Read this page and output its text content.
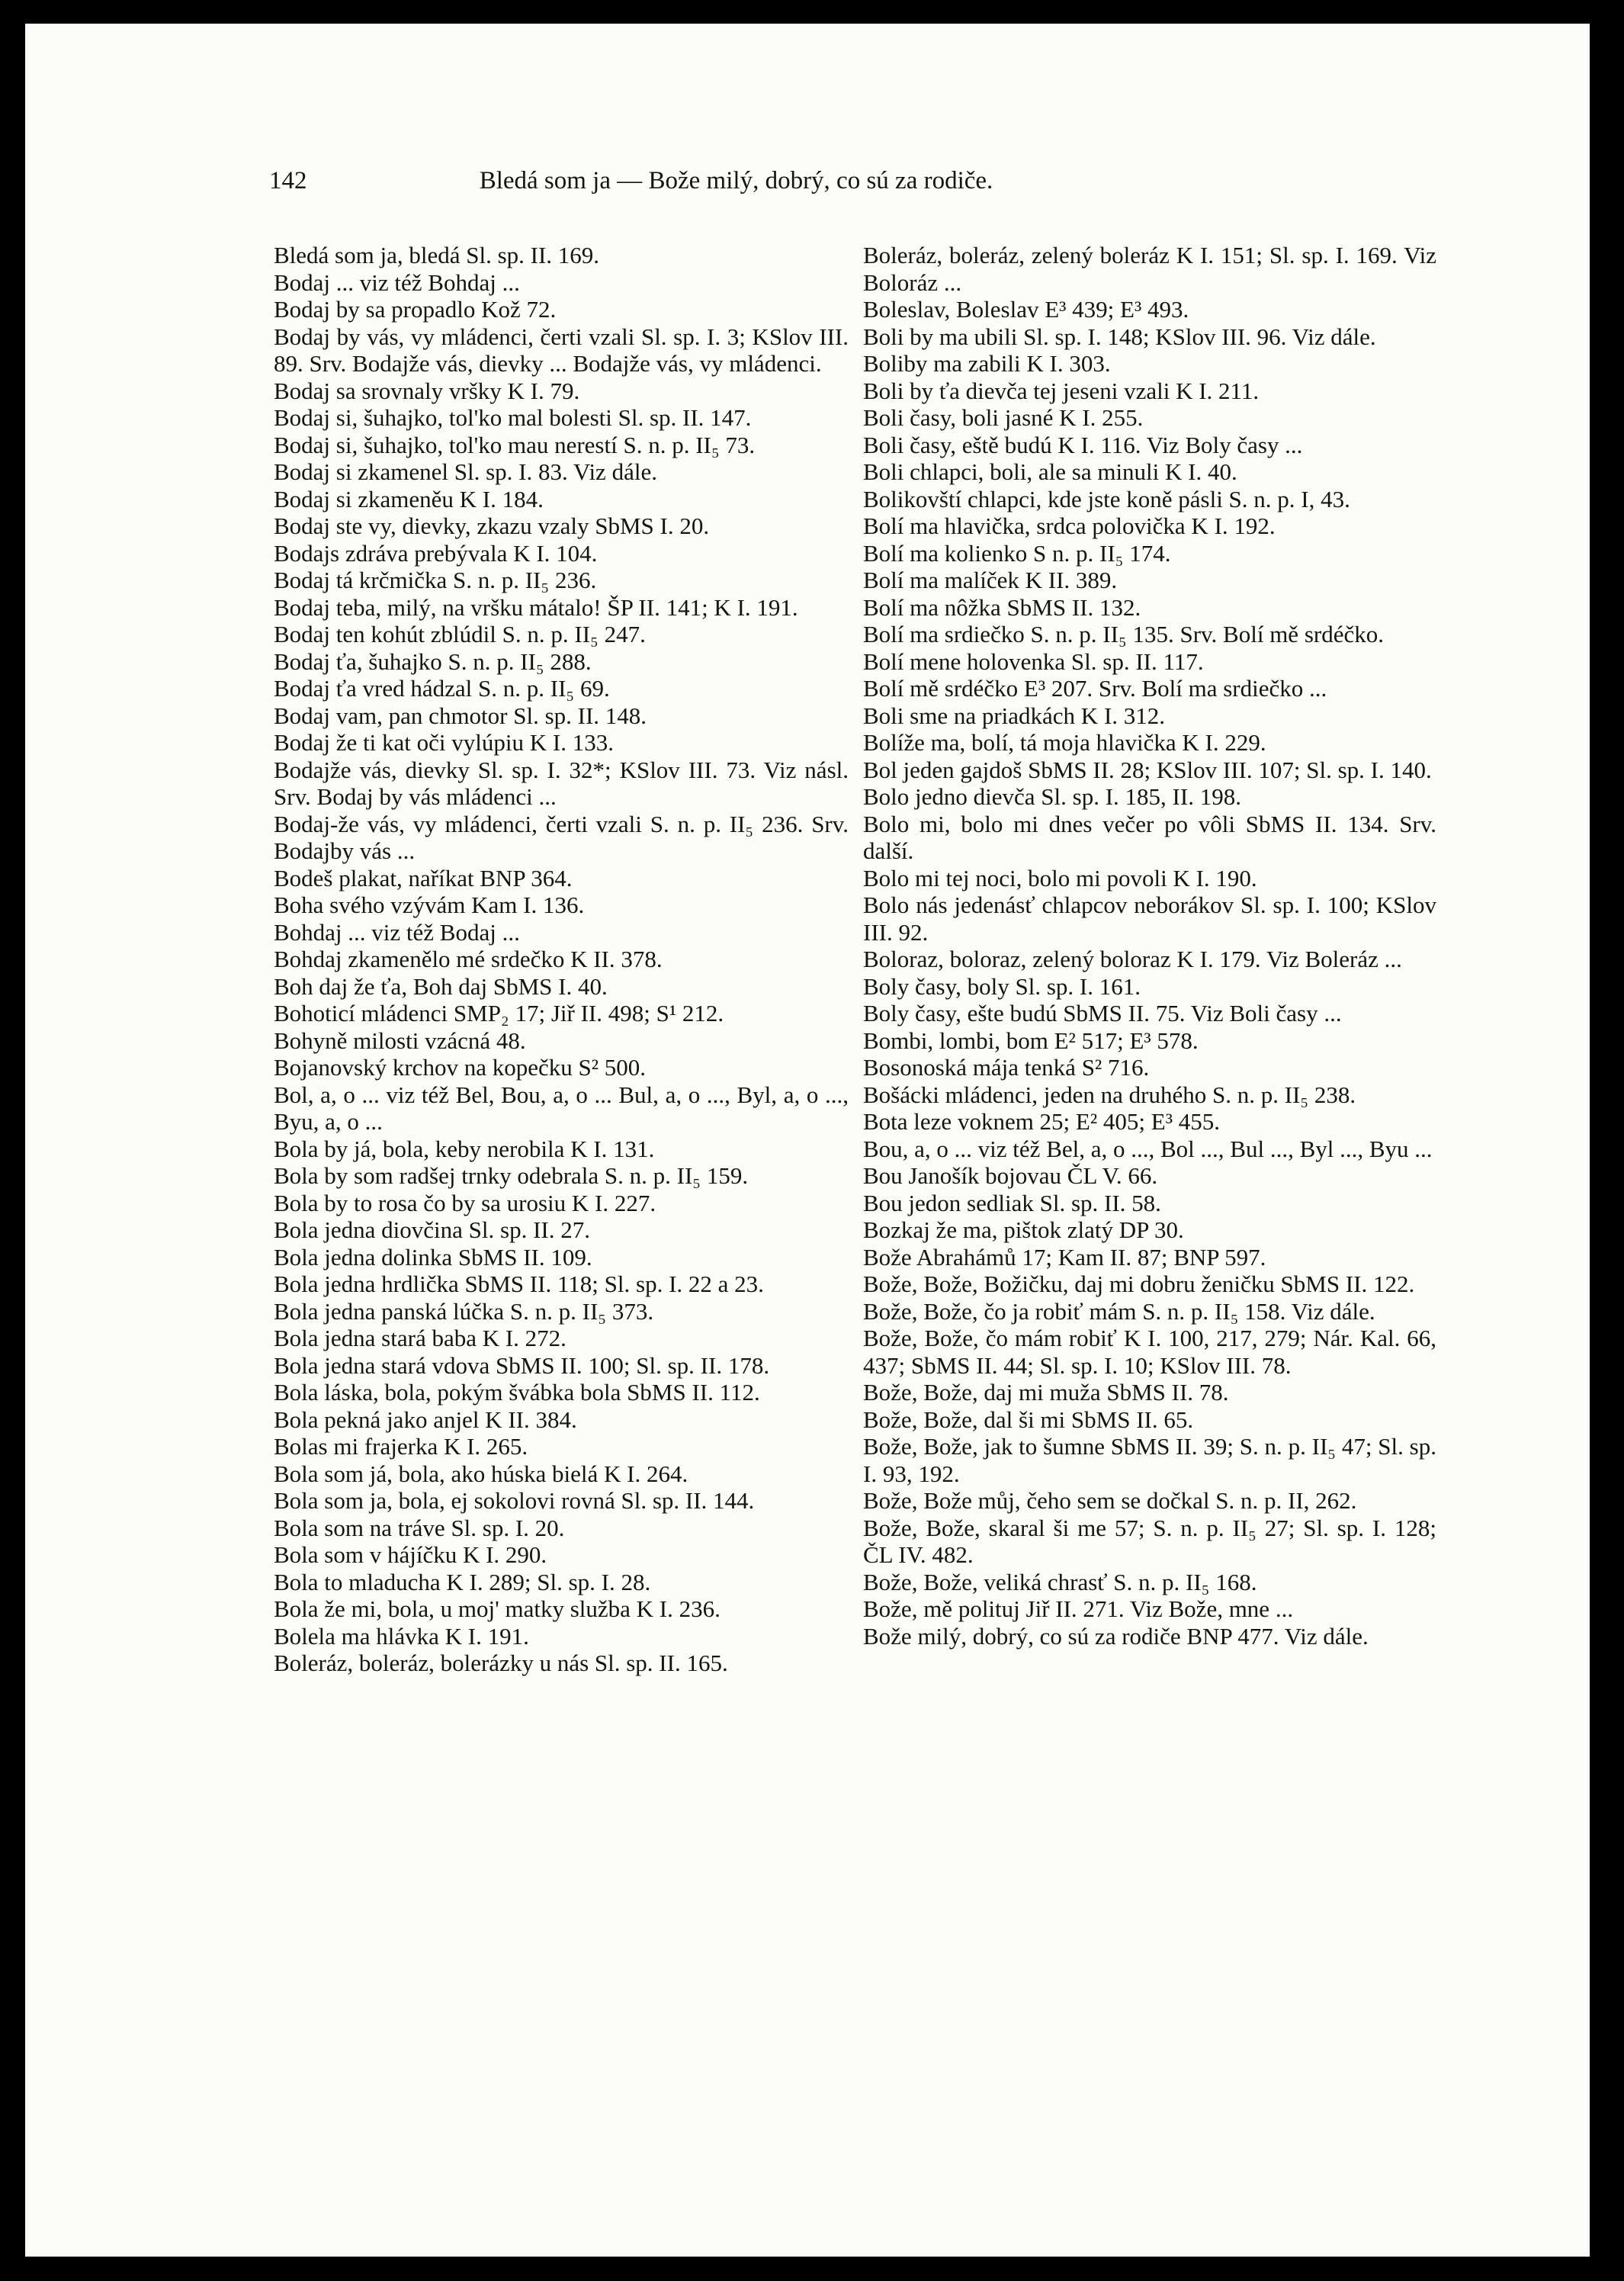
142	Bledá som ja — Bože milý, dobrý, co sú za rodiče.
Bledá som ja, bledá Sl. sp. II. 169.
Bodaj ... viz též Bohdaj ...
Bodaj by sa propadlo Kož 72.
Bodaj by vás, vy mládenci, čerti vzali Sl. sp. I. 3; KSlov III. 89. Srv. Bodajže vás, dievky ... Bodajže vás, vy mládenci.
Bodaj sa srovnaly vršky K I. 79.
Bodaj si, šuhajko, tol'ko mal bolesti Sl. sp. II. 147.
Bodaj si, šuhajko, tol'ko mau nerestí S. n. p. II₅ 73.
Bodaj si zkamenel Sl. sp. I. 83. Viz dále.
Bodaj si zkameněu K I. 184.
Bodaj ste vy, dievky, zkazu vzaly SbMS I. 20.
Bodajs zdráva prebývala K I. 104.
Bodaj tá krčmička S. n. p. II₅ 236.
Bodaj teba, milý, na vršku mátalo! ŠP II. 141; K I. 191.
Bodaj ten kohút zblúdil S. n. p. II₅ 247.
Bodaj ťa, šuhajko S. n. p. II₅ 288.
Bodaj ťa vred hádzal S. n. p. II₅ 69.
Bodaj vam, pan chmotor Sl. sp. II. 148.
Bodaj že ti kat oči vylúpiu K I. 133.
Bodajže vás, dievky Sl. sp. I. 32*; KSlov III. 73. Viz násl. Srv. Bodaj by vás mládenci ...
Bodaj-že vás, vy mládenci, čerti vzali S. n. p. II₅ 236. Srv. Bodajby vás ...
Bodeš plakat, naříkat BNP 364.
Boha svého vzývám Kam I. 136.
Bohdaj ... viz též Bodaj ...
Bohdaj zkamenělo mé srdečko K II. 378.
Boh daj že ťa, Boh daj SbMS I. 40.
Bohoticí mládenci SMP₂ 17; Jiř II. 498; S¹ 212.
Bohyně milosti vzácná 48.
Bojanovský krchov na kopečku S² 500.
Bol, a, o ... viz též Bel, Bou, a, o ... Bul, a, o ..., Byl, a, o ..., Byu, a, o ...
Bola by já, bola, keby nerobila K I. 131.
Bola by som radšej trnky odebrala S. n. p. II₅ 159.
Bola by to rosa čo by sa urosiu K I. 227.
Bola jedna diovčina Sl. sp. II. 27.
Bola jedna dolinka SbMS II. 109.
Bola jedna hrdlička SbMS II. 118; Sl. sp. I. 22 a 23.
Bola jedna panská lúčka S. n. p. II₅ 373.
Bola jedna stará baba K I. 272.
Bola jedna stará vdova SbMS II. 100; Sl. sp. II. 178.
Bola láska, bola, pokým švábka bola SbMS II. 112.
Bola pekná jako anjel K II. 384.
Bolas mi frajerka K I. 265.
Bola som já, bola, ako húska bielá K I. 264.
Bola som ja, bola, ej sokolovi rovná Sl. sp. II. 144.
Bola som na tráve Sl. sp. I. 20.
Bola som v hájíčku K I. 290.
Bola to mladucha K I. 289; Sl. sp. I. 28.
Bola že mi, bola, u moj' matky služba K I. 236.
Bolela ma hlávka K I. 191.
Boleráz, boleráz, bolerázky u nás Sl. sp. II. 165.
Boleráz, boleráz, zelený boleráz K I. 151; Sl. sp. I. 169. Viz Boloráz ...
Boleslav, Boleslav E³ 439; E³ 493.
Boli by ma ubili Sl. sp. I. 148; KSlov III. 96. Viz dále.
Boliby ma zabili K I. 303.
Boli by ťa dievča tej jeseni vzali K I. 211.
Boli časy, boli jasné K I. 255.
Boli časy, eště budú K I. 116. Viz Boly časy ...
Boli chlapci, boli, ale sa minuli K I. 40.
Bolikovští chlapci, kde jste koně pásli S. n. p. I, 43.
Bolí ma hlavička, srdca polovička K I. 192.
Bolí ma kolienko S n. p. II₅ 174.
Bolí ma malíček K II. 389.
Bolí ma nôžka SbMS II. 132.
Bolí ma srdiečko S. n. p. II₅ 135. Srv. Bolí mě srdéčko.
Bolí mene holovenka Sl. sp. II. 117.
Bolí mě srdéčko E³ 207. Srv. Bolí ma srdiečko ...
Boli sme na priadkách K I. 312.
Bolíže ma, bolí, tá moja hlavička K I. 229.
Bol jeden gajdoš SbMS II. 28; KSlov III. 107; Sl. sp. I. 140.
Bolo jedno dievča Sl. sp. I. 185, II. 198.
Bolo mi, bolo mi dnes večer po vôli SbMS II. 134. Srv. další.
Bolo mi tej noci, bolo mi povoli K I. 190.
Bolo nás jedenásť chlapcov neborákov Sl. sp. I. 100; KSlov III. 92.
Boloraz, boloraz, zelený boloraz K I. 179. Viz Boleráz ...
Boly časy, boly Sl. sp. I. 161.
Boly časy, ešte budú SbMS II. 75. Viz Boli časy ...
Bombi, lombi, bom E² 517; E³ 578.
Bosonoská mája tenká S² 716.
Bošácki mládenci, jeden na druhého S. n. p. II₅ 238.
Bota leze voknem 25; E² 405; E³ 455.
Bou, a, o ... viz též Bel, a, o ..., Bol ..., Bul ..., Byl ..., Byu ...
Bou Janošík bojovau ČL V. 66.
Bou jedon sedliak Sl. sp. II. 58.
Bozkaj že ma, pištok zlatý DP 30.
Bože Abrahámů 17; Kam II. 87; BNP 597.
Bože, Bože, Božičku, daj mi dobru ženičku SbMS II. 122.
Bože, Bože, čo ja robiť mám S. n. p. II₅ 158. Viz dále.
Bože, Bože, čo mám robiť K I. 100, 217, 279; Nár. Kal. 66, 437; SbMS II. 44; Sl. sp. I. 10; KSlov III. 78.
Bože, Bože, daj mi muža SbMS II. 78.
Bože, Bože, dal ši mi SbMS II. 65.
Bože, Bože, jak to šumne SbMS II. 39; S. n. p. II₅ 47; Sl. sp. I. 93, 192.
Bože, Bože můj, čeho sem se dočkal S. n. p. II, 262.
Bože, Bože, skaral ši me 57; S. n. p. II₅ 27; Sl. sp. I. 128; ČL IV. 482.
Bože, Bože, veliká chrasť S. n. p. II₅ 168.
Bože, mě polituj Jiř II. 271. Viz Bože, mne ...
Bože milý, dobrý, co sú za rodiče BNP 477. Viz dále.
